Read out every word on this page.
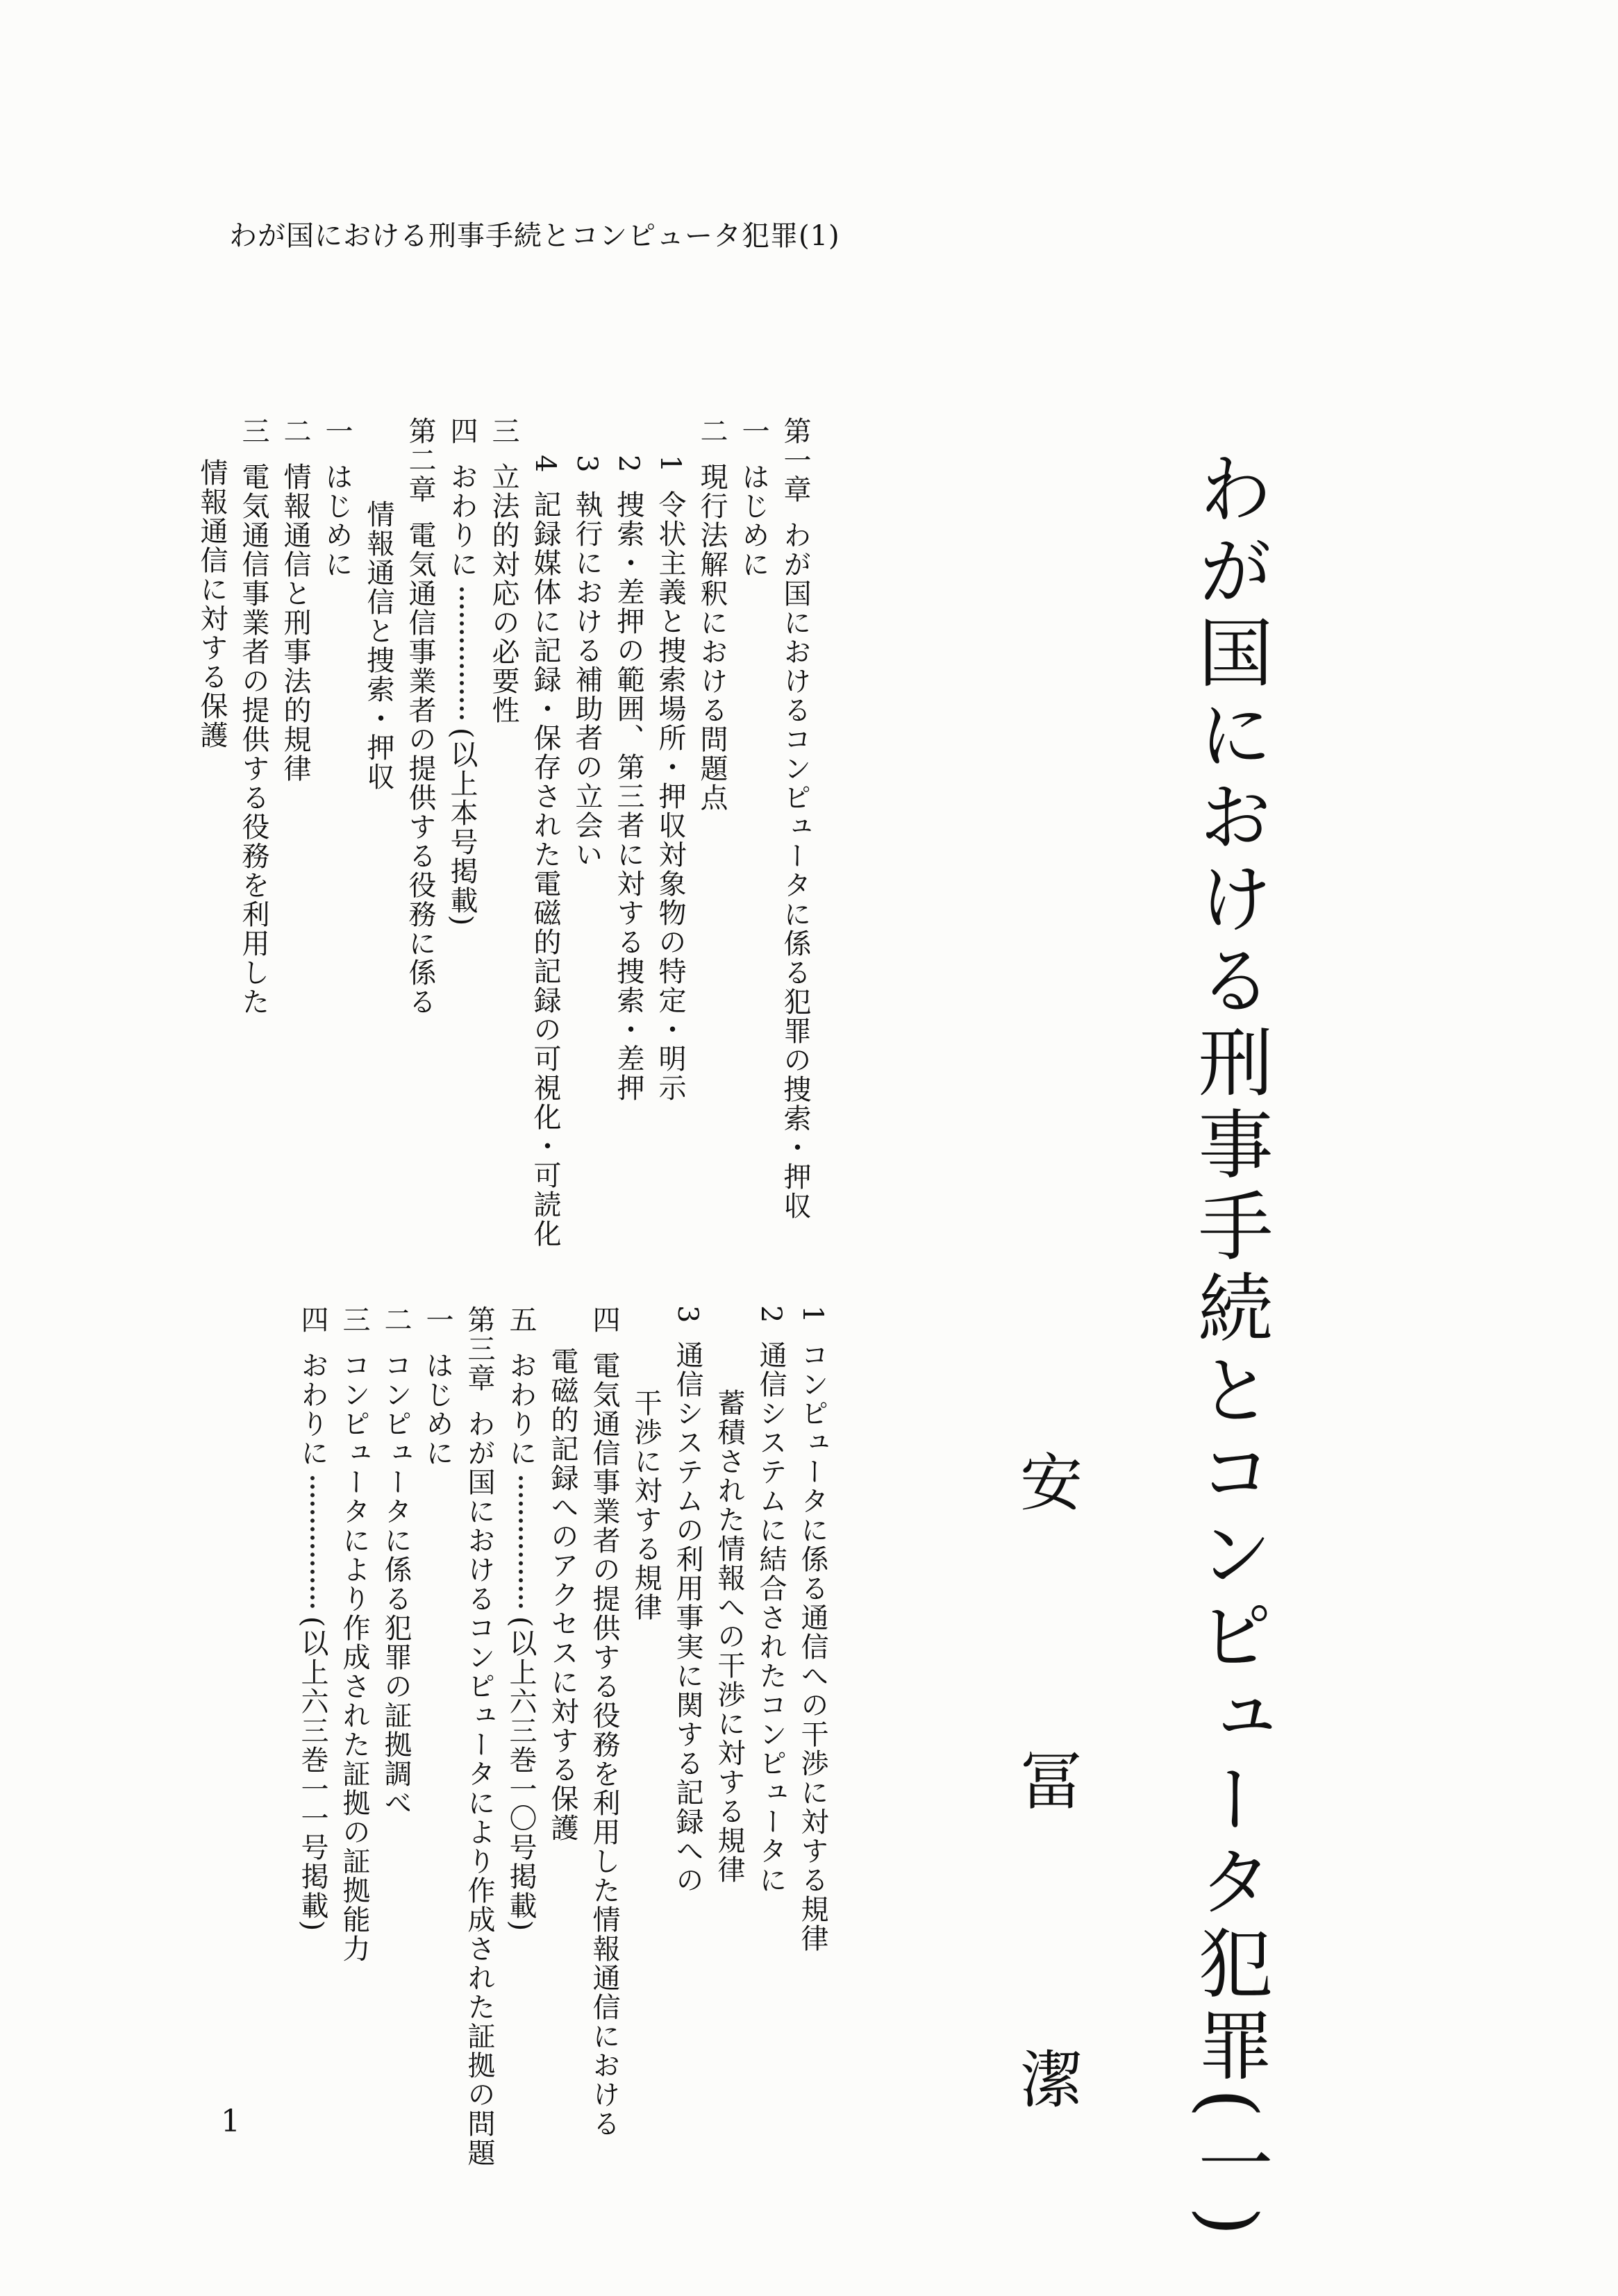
わが国における刑事手続とコンピュータ犯罪(1)
わが国における刑事手続とコンピュータ犯罪(一)
安
冨
潔
第一章
わが国におけるコンピュータに係る犯罪の捜索・押収
一
はじめに
二
現行法解釈における問題点
1
令状主義と捜索場所・押収対象物の特定・明示
2
捜索・差押の範囲、第三者に対する捜索・差押
3
執行における補助者の立会い
4
記録媒体に記録・保存された電磁的記録の可視化・可読化
三
立法的対応の必要性
四
おわりに
(以上本号掲載)
第二章
電気通信事業者の提供する役務に係る
情報通信と捜索・押収
一
はじめに
二
情報通信と刑事法的規律
三
電気通信事業者の提供する役務を利用した
情報通信に対する保護
1
コンピュータに係る通信への干渉に対する規律
2
通信システムに結合されたコンピュータに
蓄積された情報への干渉に対する規律
3
通信システムの利用事実に関する記録への
干渉に対する規律
四
電気通信事業者の提供する役務を利用した情報通信における
電磁的記録へのアクセスに対する保護
五
おわりに
(以上六三巻一〇号掲載)
第三章
わが国におけるコンピュータにより作成された証拠の問題
一
はじめに
二
コンピュータに係る犯罪の証拠調べ
三
コンピュータにより作成された証拠の証拠能力
四
おわりに
(以上六三巻一一号掲載)
1
